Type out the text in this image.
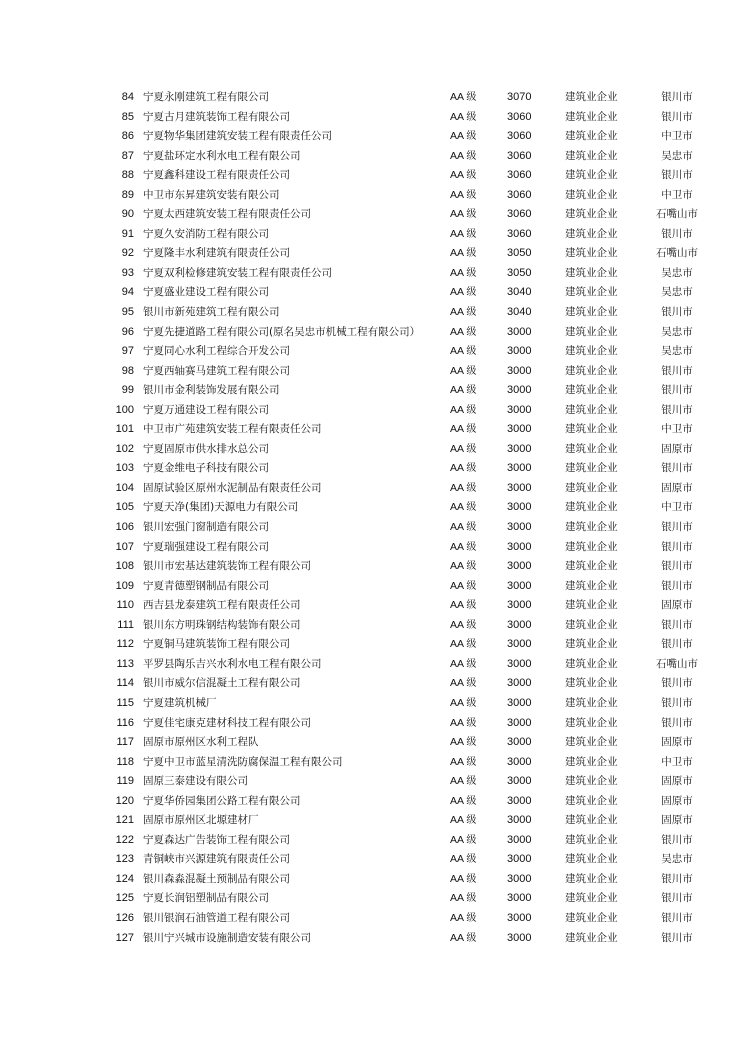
84 宁夏永刚建筑工程有限公司	AA 级	3070	建筑业企业	银川市
85 宁夏古月建筑装饰工程有限公司	AA 级	3060	建筑业企业	银川市
86 宁夏物华集团建筑安装工程有限责任公司	AA 级	3060	建筑业企业	中卫市
87 宁夏盐环定水利水电工程有限公司	AA 级	3060	建筑业企业	吴忠市
88 宁夏鑫科建设工程有限责任公司	AA 级	3060	建筑业企业	银川市
89 中卫市东昇建筑安装有限公司	AA 级	3060	建筑业企业	中卫市
90 宁夏太西建筑安装工程有限责任公司	AA 级	3060	建筑业企业	石嘴山市
91 宁夏久安消防工程有限公司	AA 级	3060	建筑业企业	银川市
92 宁夏隆丰水利建筑有限责任公司	AA 级	3050	建筑业企业	石嘴山市
93 宁夏双利检修建筑安装工程有限责任公司	AA 级	3050	建筑业企业	吴忠市
94 宁夏盛业建设工程有限公司	AA 级	3040	建筑业企业	吴忠市
95 银川市新苑建筑工程有限公司	AA 级	3040	建筑业企业	银川市
96 宁夏先捷道路工程有限公司(原名吴忠市机械工程有限公司）	AA 级	3000	建筑业企业	吴忠市
97 宁夏同心水利工程综合开发公司	AA 级	3000	建筑业企业	吴忠市
98 宁夏西轴赛马建筑工程有限公司	AA 级	3000	建筑业企业	银川市
99 银川市金利装饰发展有限公司	AA 级	3000	建筑业企业	银川市
100 宁夏万通建设工程有限公司	AA 级	3000	建筑业企业	银川市
101 中卫市广苑建筑安装工程有限责任公司	AA 级	3000	建筑业企业	中卫市
102 宁夏固原市供水排水总公司	AA 级	3000	建筑业企业	固原市
103 宁夏金维电子科技有限公司	AA 级	3000	建筑业企业	银川市
104 固原试验区原州水泥制品有限责任公司	AA 级	3000	建筑业企业	固原市
105 宁夏天净(集团)天源电力有限公司	AA 级	3000	建筑业企业	中卫市
106 银川宏强门窗制造有限公司	AA 级	3000	建筑业企业	银川市
107 宁夏瑞强建设工程有限公司	AA 级	3000	建筑业企业	银川市
108 银川市宏基达建筑装饰工程有限公司	AA 级	3000	建筑业企业	银川市
109 宁夏青德塑钢制品有限公司	AA 级	3000	建筑业企业	银川市
110 西吉县龙泰建筑工程有限责任公司	AA 级	3000	建筑业企业	固原市
111 银川东方明珠钢结构装饰有限公司	AA 级	3000	建筑业企业	银川市
112 宁夏铜马建筑装饰工程有限公司	AA 级	3000	建筑业企业	银川市
113 平罗县陶乐吉兴水利水电工程有限公司	AA 级	3000	建筑业企业	石嘴山市
114 银川市威尔信混凝土工程有限公司	AA 级	3000	建筑业企业	银川市
115 宁夏建筑机械厂	AA 级	3000	建筑业企业	银川市
116 宁夏佳宅康克建材科技工程有限公司	AA 级	3000	建筑业企业	银川市
117 固原市原州区水利工程队	AA 级	3000	建筑业企业	固原市
118 宁夏中卫市蓝星清洗防腐保温工程有限公司	AA 级	3000	建筑业企业	中卫市
119 固原三泰建设有限公司	AA 级	3000	建筑业企业	固原市
120 宁夏华侨园集团公路工程有限公司	AA 级	3000	建筑业企业	固原市
121 固原市原州区北塬建材厂	AA 级	3000	建筑业企业	固原市
122 宁夏森达广告装饰工程有限公司	AA 级	3000	建筑业企业	银川市
123 青铜峡市兴源建筑有限责任公司	AA 级	3000	建筑业企业	吴忠市
124 银川森淼混凝土预制品有限公司	AA 级	3000	建筑业企业	银川市
125 宁夏长润铝塑制品有限公司	AA 级	3000	建筑业企业	银川市
126 银川银润石油管道工程有限公司	AA 级	3000	建筑业企业	银川市
127 银川宁兴城市设施制造安装有限公司	AA 级	3000	建筑业企业	银川市
